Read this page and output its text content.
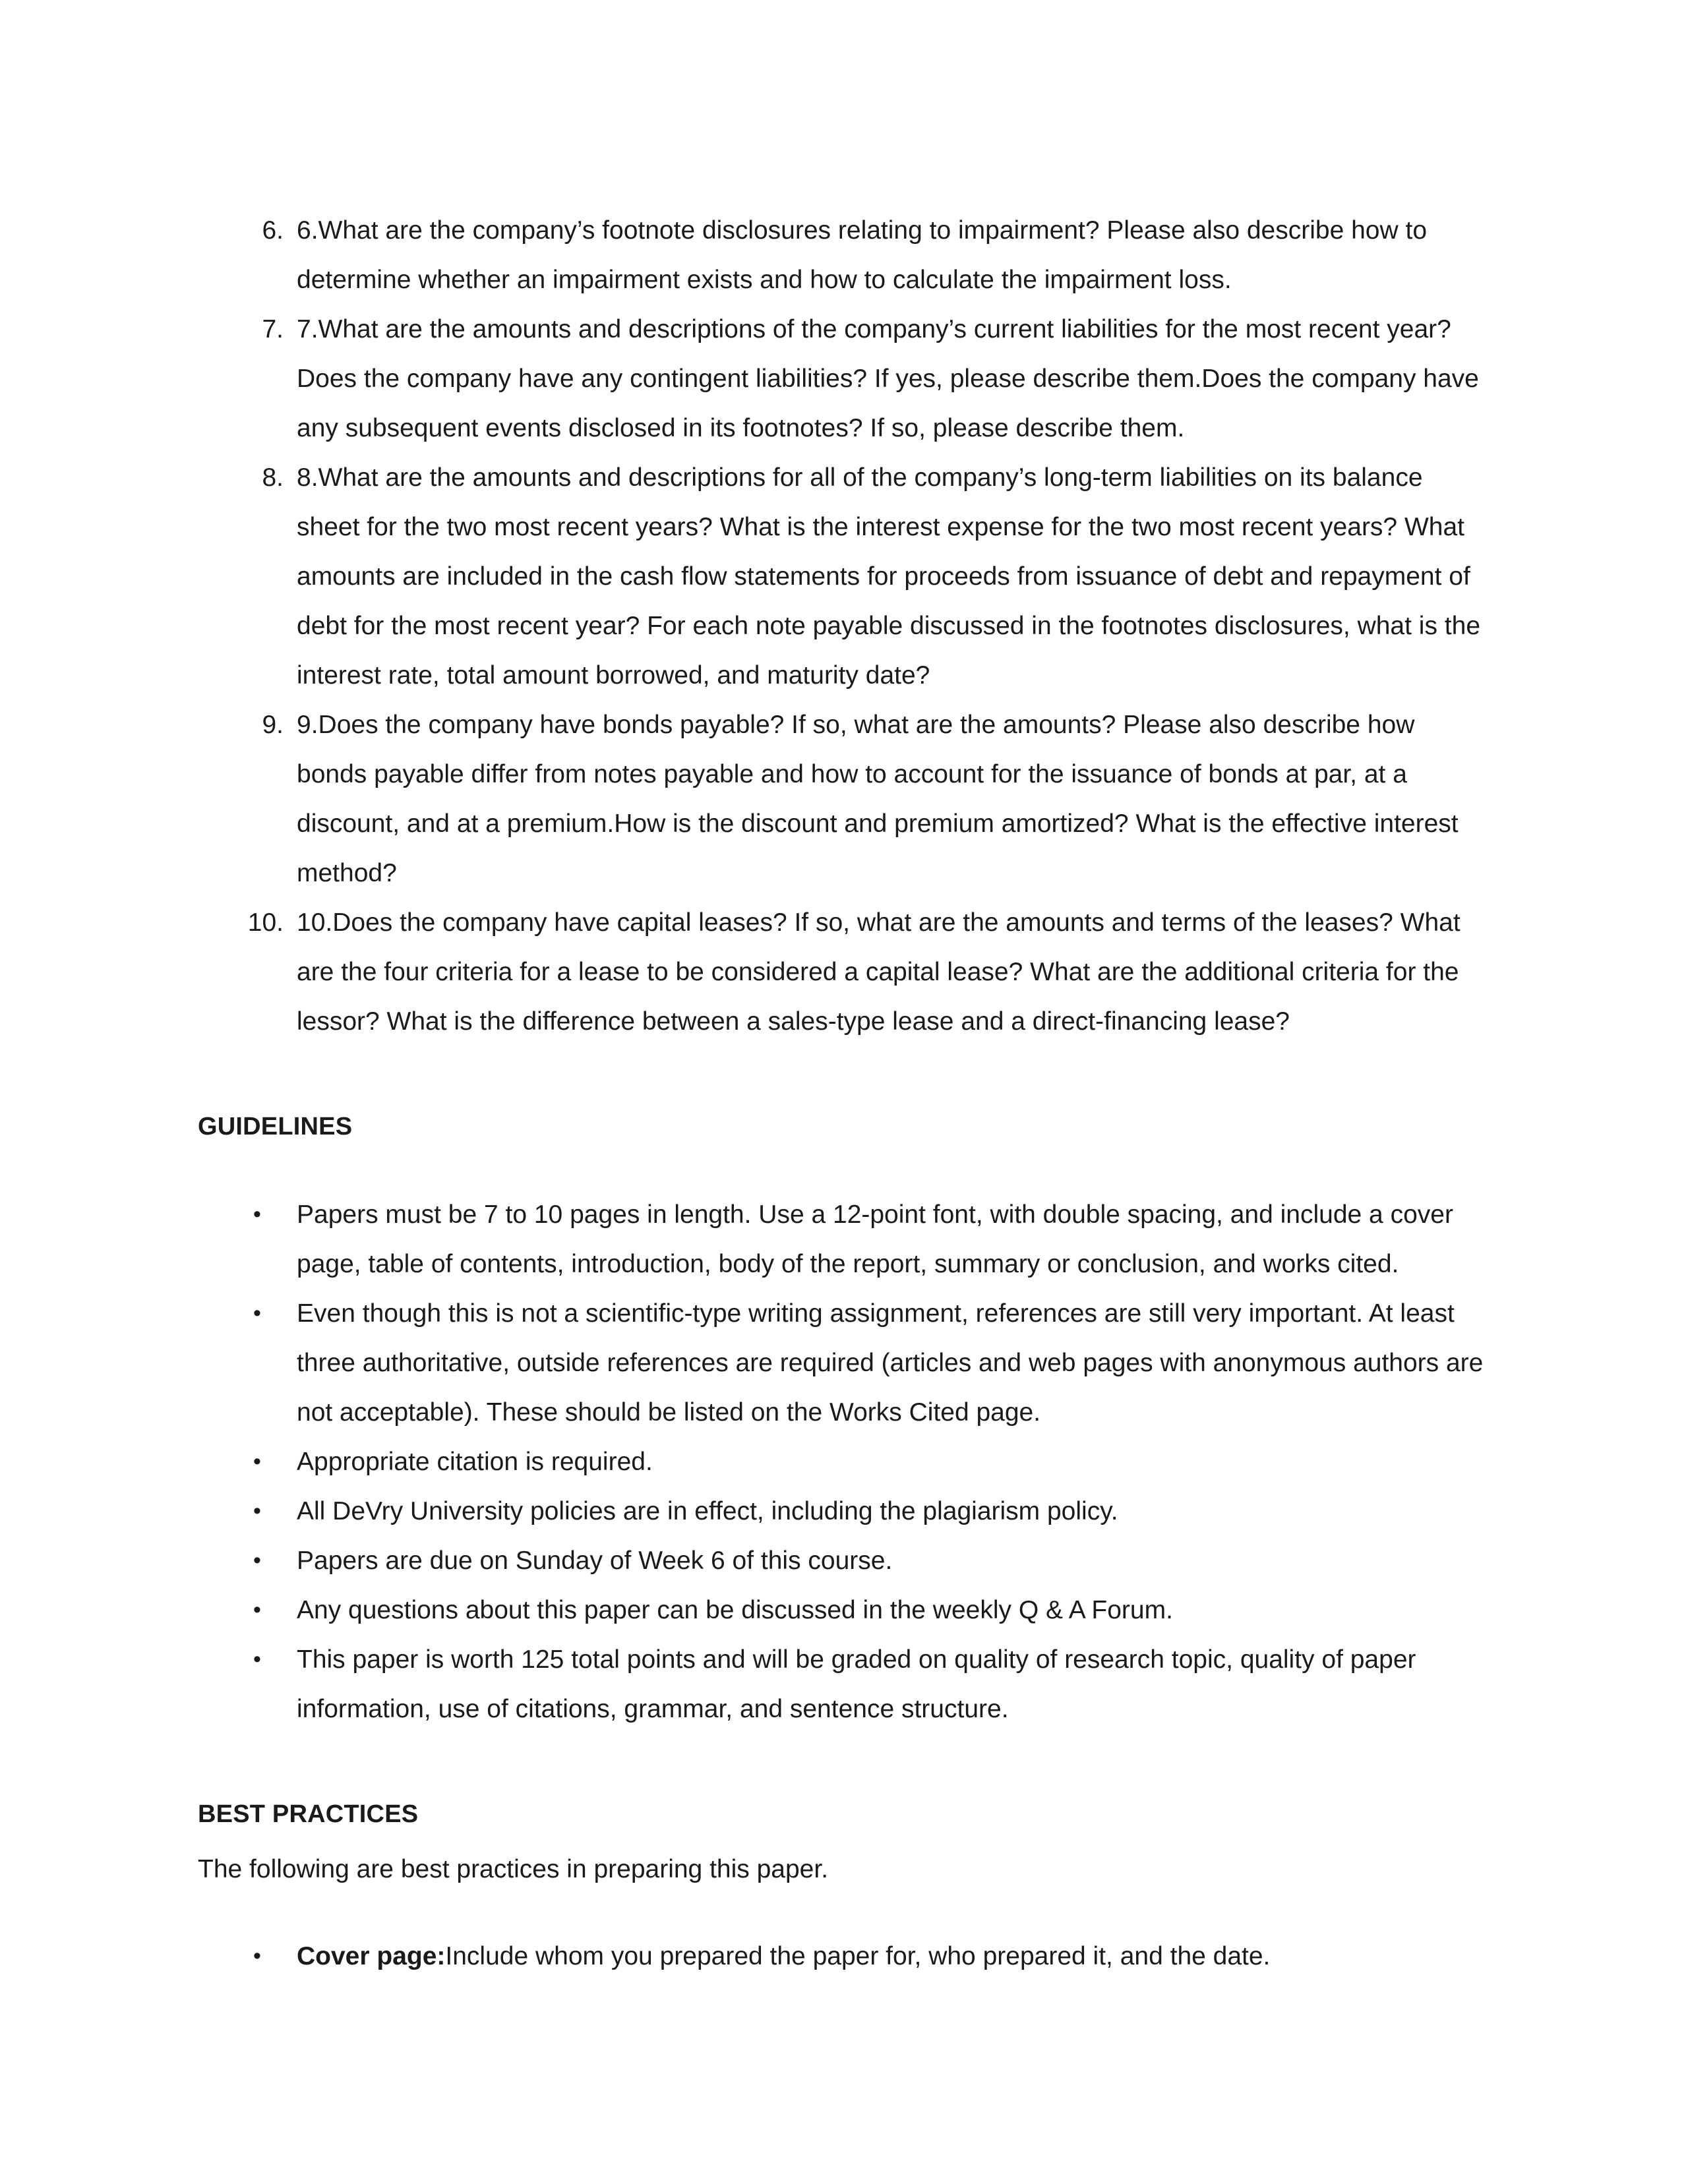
6. 6.What are the company’s footnote disclosures relating to impairment? Please also describe how to determine whether an impairment exists and how to calculate the impairment loss.
7. 7.What are the amounts and descriptions of the company’s current liabilities for the most recent year? Does the company have any contingent liabilities? If yes, please describe them.Does the company have any subsequent events disclosed in its footnotes? If so, please describe them.
8. 8.What are the amounts and descriptions for all of the company’s long-term liabilities on its balance sheet for the two most recent years? What is the interest expense for the two most recent years? What amounts are included in the cash flow statements for proceeds from issuance of debt and repayment of debt for the most recent year? For each note payable discussed in the footnotes disclosures, what is the interest rate, total amount borrowed, and maturity date?
9. 9.Does the company have bonds payable? If so, what are the amounts? Please also describe how bonds payable differ from notes payable and how to account for the issuance of bonds at par, at a discount, and at a premium.How is the discount and premium amortized? What is the effective interest method?
10. 10.Does the company have capital leases? If so, what are the amounts and terms of the leases? What are the four criteria for a lease to be considered a capital lease? What are the additional criteria for the lessor? What is the difference between a sales-type lease and a direct-financing lease?
GUIDELINES
•	Papers must be 7 to 10 pages in length. Use a 12-point font, with double spacing, and include a cover page, table of contents, introduction, body of the report, summary or conclusion, and works cited.
•	Even though this is not a scientific-type writing assignment, references are still very important. At least three authoritative, outside references are required (articles and web pages with anonymous authors are not acceptable). These should be listed on the Works Cited page.
•	Appropriate citation is required.
•	All DeVry University policies are in effect, including the plagiarism policy.
•	Papers are due on Sunday of Week 6 of this course.
•	Any questions about this paper can be discussed in the weekly Q & A Forum.
•	This paper is worth 125 total points and will be graded on quality of research topic, quality of paper information, use of citations, grammar, and sentence structure.
BEST PRACTICES
The following are best practices in preparing this paper.
•	Cover page:Include whom you prepared the paper for, who prepared it, and the date.
